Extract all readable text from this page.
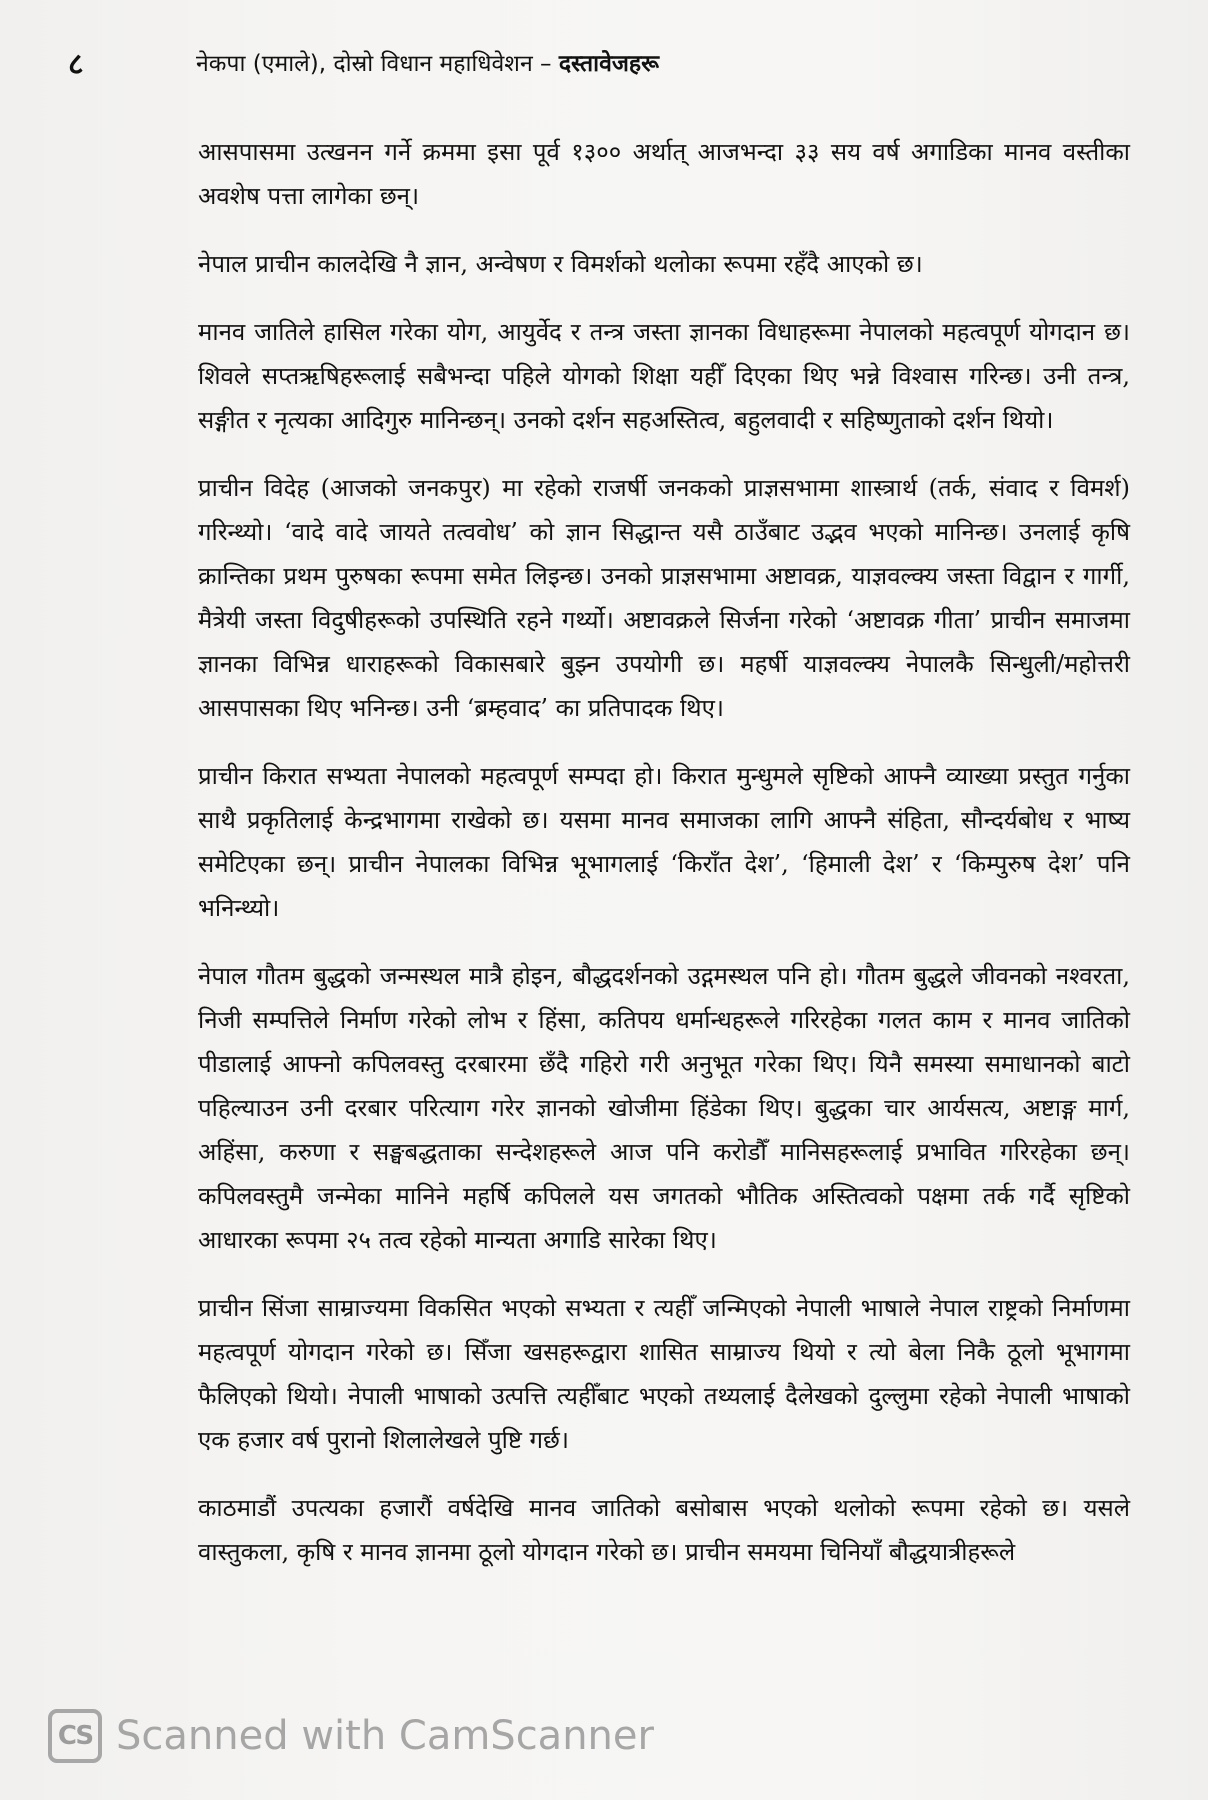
८	नेकपा (एमाले), दोस्रो विधान महाधिवेशन – दस्तावेजहरू

आसपासमा उत्खनन गर्ने क्रममा इसा पूर्व १३०० अर्थात् आजभन्दा ३३ सय वर्ष अगाडिका मानव वस्तीका अवशेष पत्ता लागेका छन्।

नेपाल प्राचीन कालदेखि नै ज्ञान, अन्वेषण र विमर्शको थलोका रूपमा रहँदै आएको छ।

मानव जातिले हासिल गरेका योग, आयुर्वेद र तन्त्र जस्ता ज्ञानका विधाहरूमा नेपालको महत्वपूर्ण योगदान छ। शिवले सप्तऋषिहरूलाई सबैभन्दा पहिले योगको शिक्षा यहीँ दिएका थिए भन्ने विश्वास गरिन्छ। उनी तन्त्र, सङ्गीत र नृत्यका आदिगुरु मानिन्छन्। उनको दर्शन सहअस्तित्व, बहुलवादी र सहिष्णुताको दर्शन थियो।

प्राचीन विदेह (आजको जनकपुर) मा रहेको राजर्षी जनकको प्राज्ञसभामा शास्त्रार्थ (तर्क, संवाद र विमर्श) गरिन्थ्यो। ‘वादे वादे जायते तत्ववोध’ को ज्ञान सिद्धान्त यसै ठाउँबाट उद्भव भएको मानिन्छ। उनलाई कृषि क्रान्तिका प्रथम पुरुषका रूपमा समेत लिइन्छ। उनको प्राज्ञसभामा अष्टावक्र, याज्ञवल्क्य जस्ता विद्वान र गार्गी, मैत्रेयी जस्ता विदुषीहरूको उपस्थिति रहने गर्थ्यो। अष्टावक्रले सिर्जना गरेको ‘अष्टावक्र गीता’ प्राचीन समाजमा ज्ञानका विभिन्न धाराहरूको विकासबारे बुझ्न उपयोगी छ। महर्षी याज्ञवल्क्य नेपालकै सिन्धुली/महोत्तरी आसपासका थिए भनिन्छ। उनी ‘ब्रम्हवाद’ का प्रतिपादक थिए।

प्राचीन किरात सभ्यता नेपालको महत्वपूर्ण सम्पदा हो। किरात मुन्धुमले सृष्टिको आफ्नै व्याख्या प्रस्तुत गर्नुका साथै प्रकृतिलाई केन्द्रभागमा राखेको छ। यसमा मानव समाजका लागि आफ्नै संहिता, सौन्दर्यबोध र भाष्य समेटिएका छन्। प्राचीन नेपालका विभिन्न भूभागलाई ‘किराँत देश’, ‘हिमाली देश’ र ‘किम्पुरुष देश’ पनि भनिन्थ्यो।

नेपाल गौतम बुद्धको जन्मस्थल मात्रै होइन, बौद्धदर्शनको उद्गमस्थल पनि हो। गौतम बुद्धले जीवनको नश्वरता, निजी सम्पत्तिले निर्माण गरेको लोभ र हिंसा, कतिपय धर्मान्धहरूले गरिरहेका गलत काम र मानव जातिको पीडालाई आफ्नो कपिलवस्तु दरबारमा छँदै गहिरो गरी अनुभूत गरेका थिए। यिनै समस्या समाधानको बाटो पहिल्याउन उनी दरबार परित्याग गरेर ज्ञानको खोजीमा हिंडेका थिए। बुद्धका चार आर्यसत्य, अष्टाङ्ग मार्ग, अहिंसा, करुणा र सङ्घबद्धताका सन्देशहरूले आज पनि करोडौँ मानिसहरूलाई प्रभावित गरिरहेका छन्। कपिलवस्तुमै जन्मेका मानिने महर्षि कपिलले यस जगतको भौतिक अस्तित्वको पक्षमा तर्क गर्दै सृष्टिको आधारका रूपमा २५ तत्व रहेको मान्यता अगाडि सारेका थिए।

प्राचीन सिंजा साम्राज्यमा विकसित भएको सभ्यता र त्यहीँ जन्मिएको नेपाली भाषाले नेपाल राष्ट्रको निर्माणमा महत्वपूर्ण योगदान गरेको छ। सिँजा खसहरूद्वारा शासित साम्राज्य थियो र त्यो बेला निकै ठूलो भूभागमा फैलिएको थियो। नेपाली भाषाको उत्पत्ति त्यहीँबाट भएको तथ्यलाई दैलेखको दुल्लुमा रहेको नेपाली भाषाको एक हजार वर्ष पुरानो शिलालेखले पुष्टि गर्छ।

काठमाडौं उपत्यका हजारौं वर्षदेखि मानव जातिको बसोबास भएको थलोको रूपमा रहेको छ। यसले वास्तुकला, कृषि र मानव ज्ञानमा ठूलो योगदान गरेको छ। प्राचीन समयमा चिनियाँ बौद्धयात्रीहरूले

CS Scanned with CamScanner
